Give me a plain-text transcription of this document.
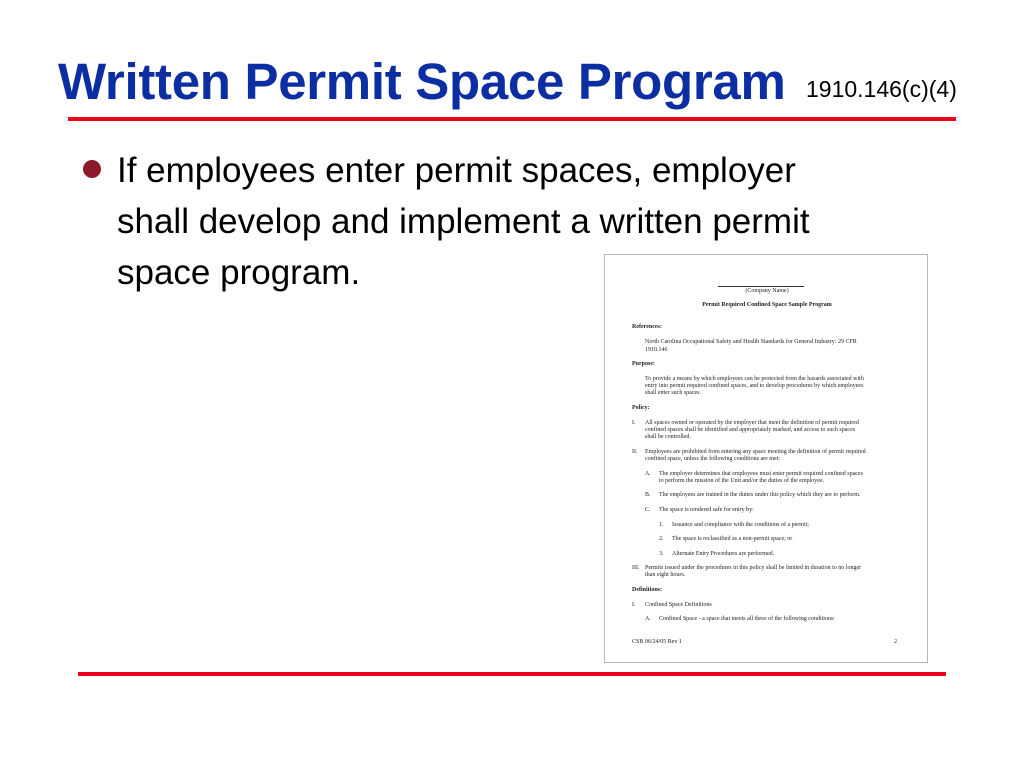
Written Permit Space Program 1910.146(c)(4)
If employees enter permit spaces, employer
shall develop and implement a written permit
space program.	(Company Name)
Permit Required Confined Space Sample Program
References:
North Carolina Occupational Safety and Health Standards for General Industry: 29 CFR
1910.146
Purpose:
To provide a means by which employees can be protected from the hazards associated with
entry into permit required confined spaces, and to develop procedures by which employees
shall enter such spaces.
Policy:
I. All spaces owned or operated by the employer that meet the definition of permit required
confined spaces shall be identified and appropriately marked, and access to such spaces
shall be controlled.
II. Employees are prohibited from entering any space meeting the definition of permit required
confined space, unless the following conditions are met:
A. The employer determines that employees must enter permit required confined spaces
to perform the mission of the Unit and/or the duties of the employee.
B. The employees are trained in the duties under this policy which they are to perform.
C. The space is rendered safe for entry by:
1. Issuance and compliance with the conditions of a permit;
2. The space is reclassified as a non-permit space; or
3. Alternate Entry Procedures are performed.
III. Permits issued under the procedures in this policy shall be limited in duration to no longer
than eight hours.
Definitions:
I. Confined Space Definitions
A. Confined Space - a space that meets all three of the following conditions:
CSB 06/24/05 Rev 1	2
